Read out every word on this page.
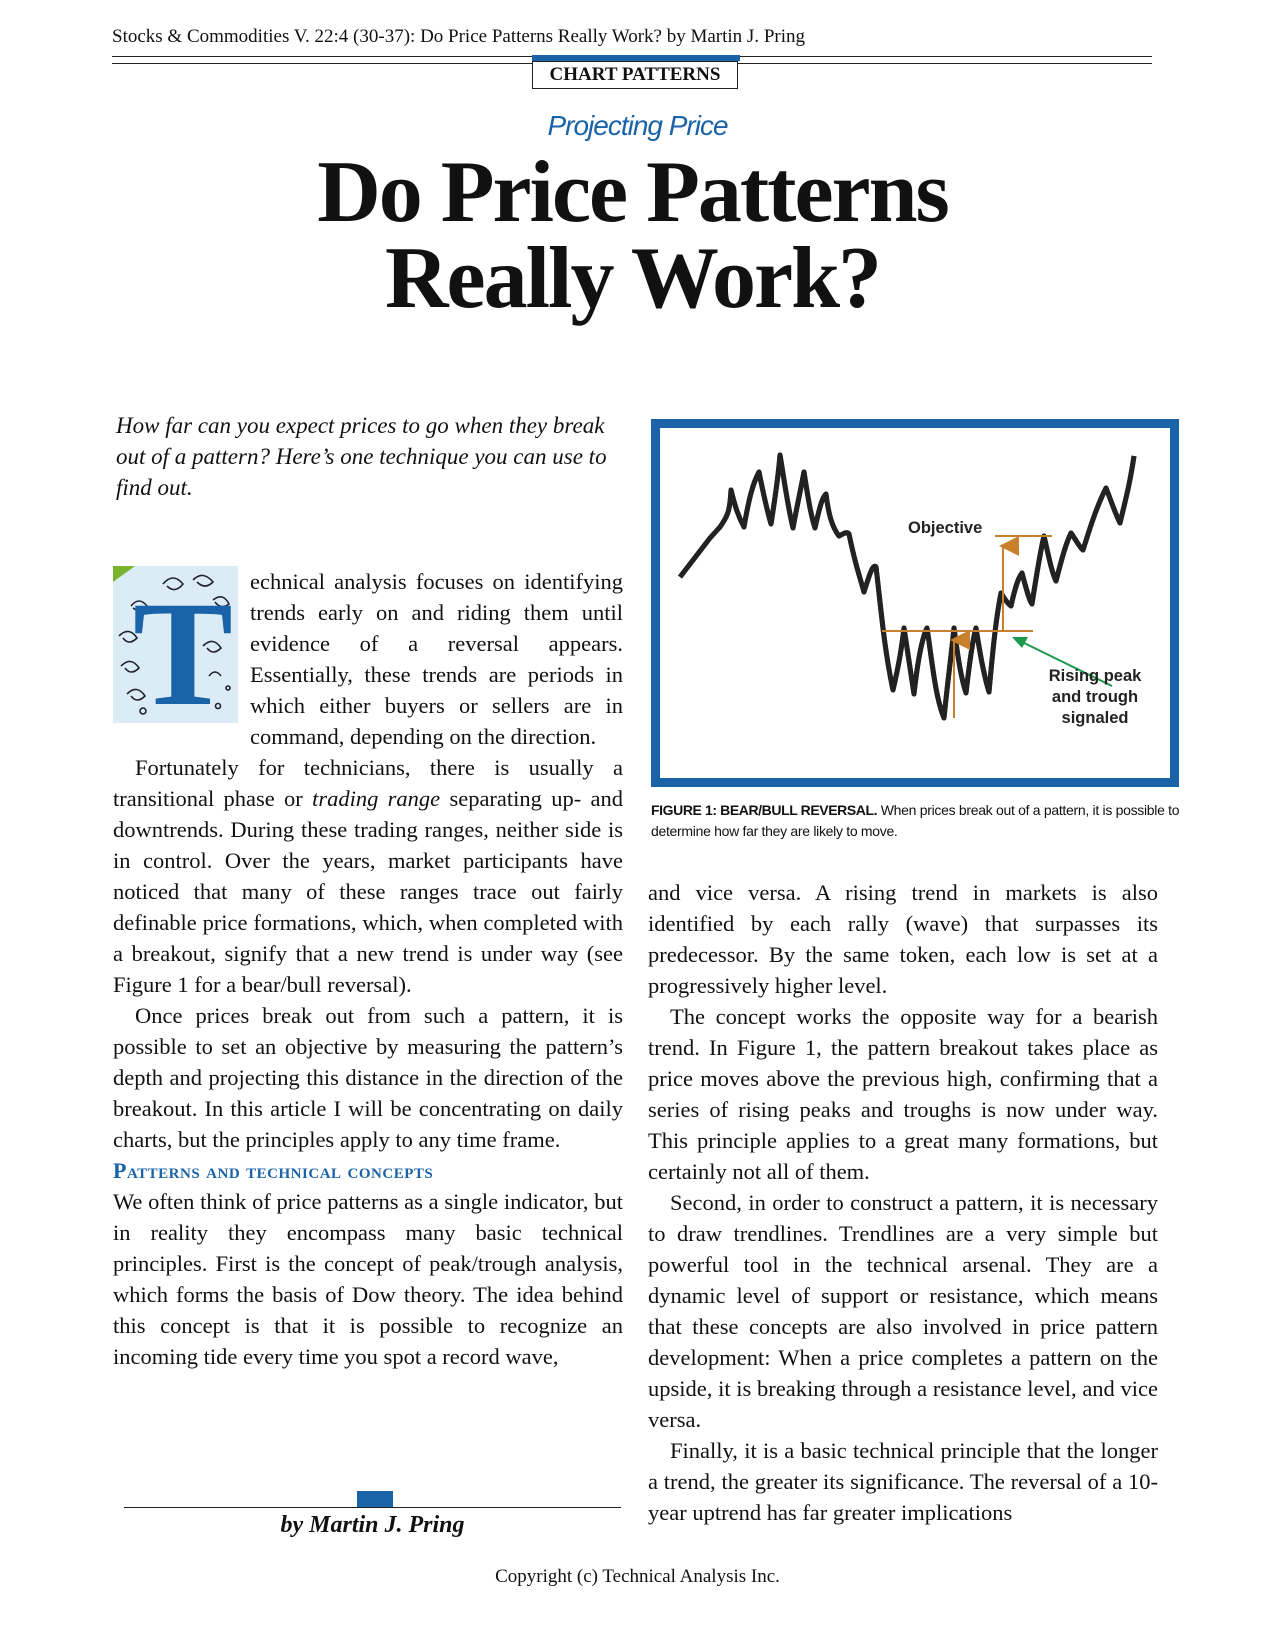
Stocks & Commodities V. 22:4 (30-37): Do Price Patterns Really Work? by Martin J. Pring
CHART PATTERNS
Projecting Price
Do Price Patterns
Really Work?
How far can you expect prices to go when they break out of a pattern? Here’s one technique you can use to find out.

T echnical analysis focuses on identifying trends early on and riding them until evidence of a reversal appears. Essentially, these trends are periods in which either buyers or sellers are in command, depending on the direction.

Fortunately for technicians, there is usually a transitional phase or trading range separating up- and downtrends. During these trading ranges, neither side is in control. Over the years, market participants have noticed that many of these ranges trace out fairly definable price formations, which, when completed with a breakout, signify that a new trend is under way (see Figure 1 for a bear/bull reversal).

Once prices break out from such a pattern, it is possible to set an objective by measuring the pattern’s depth and projecting this distance in the direction of the breakout. In this article I will be concentrating on daily charts, but the principles apply to any time frame.

Patterns and technical concepts

We often think of price patterns as a single indicator, but in reality they encompass many basic technical principles. First is the concept of peak/trough analysis, which forms the basis of Dow theory. The idea behind this concept is that it is possible to recognize an incoming tide every time you spot a record wave,

Objective
Rising peak
and trough
signaled
FIGURE 1: BEAR/BULL REVERSAL. When prices break out of a pattern, it is possible to determine how far they are likely to move.

and vice versa. A rising trend in markets is also identified by each rally (wave) that surpasses its predecessor. By the same token, each low is set at a progressively higher level.

The concept works the opposite way for a bearish trend. In Figure 1, the pattern breakout takes place as price moves above the previous high, confirming that a series of rising peaks and troughs is now under way. This principle applies to a great many formations, but certainly not all of them.

Second, in order to construct a pattern, it is necessary to draw trendlines. Trendlines are a very simple but powerful tool in the technical arsenal. They are a dynamic level of support or resistance, which means that these concepts are also involved in price pattern development: When a price completes a pattern on the upside, it is breaking through a resistance level, and vice versa.

Finally, it is a basic technical principle that the longer a trend, the greater its significance. The reversal of a 10-year uptrend has far greater implications

by Martin J. Pring
Copyright (c) Technical Analysis Inc.
